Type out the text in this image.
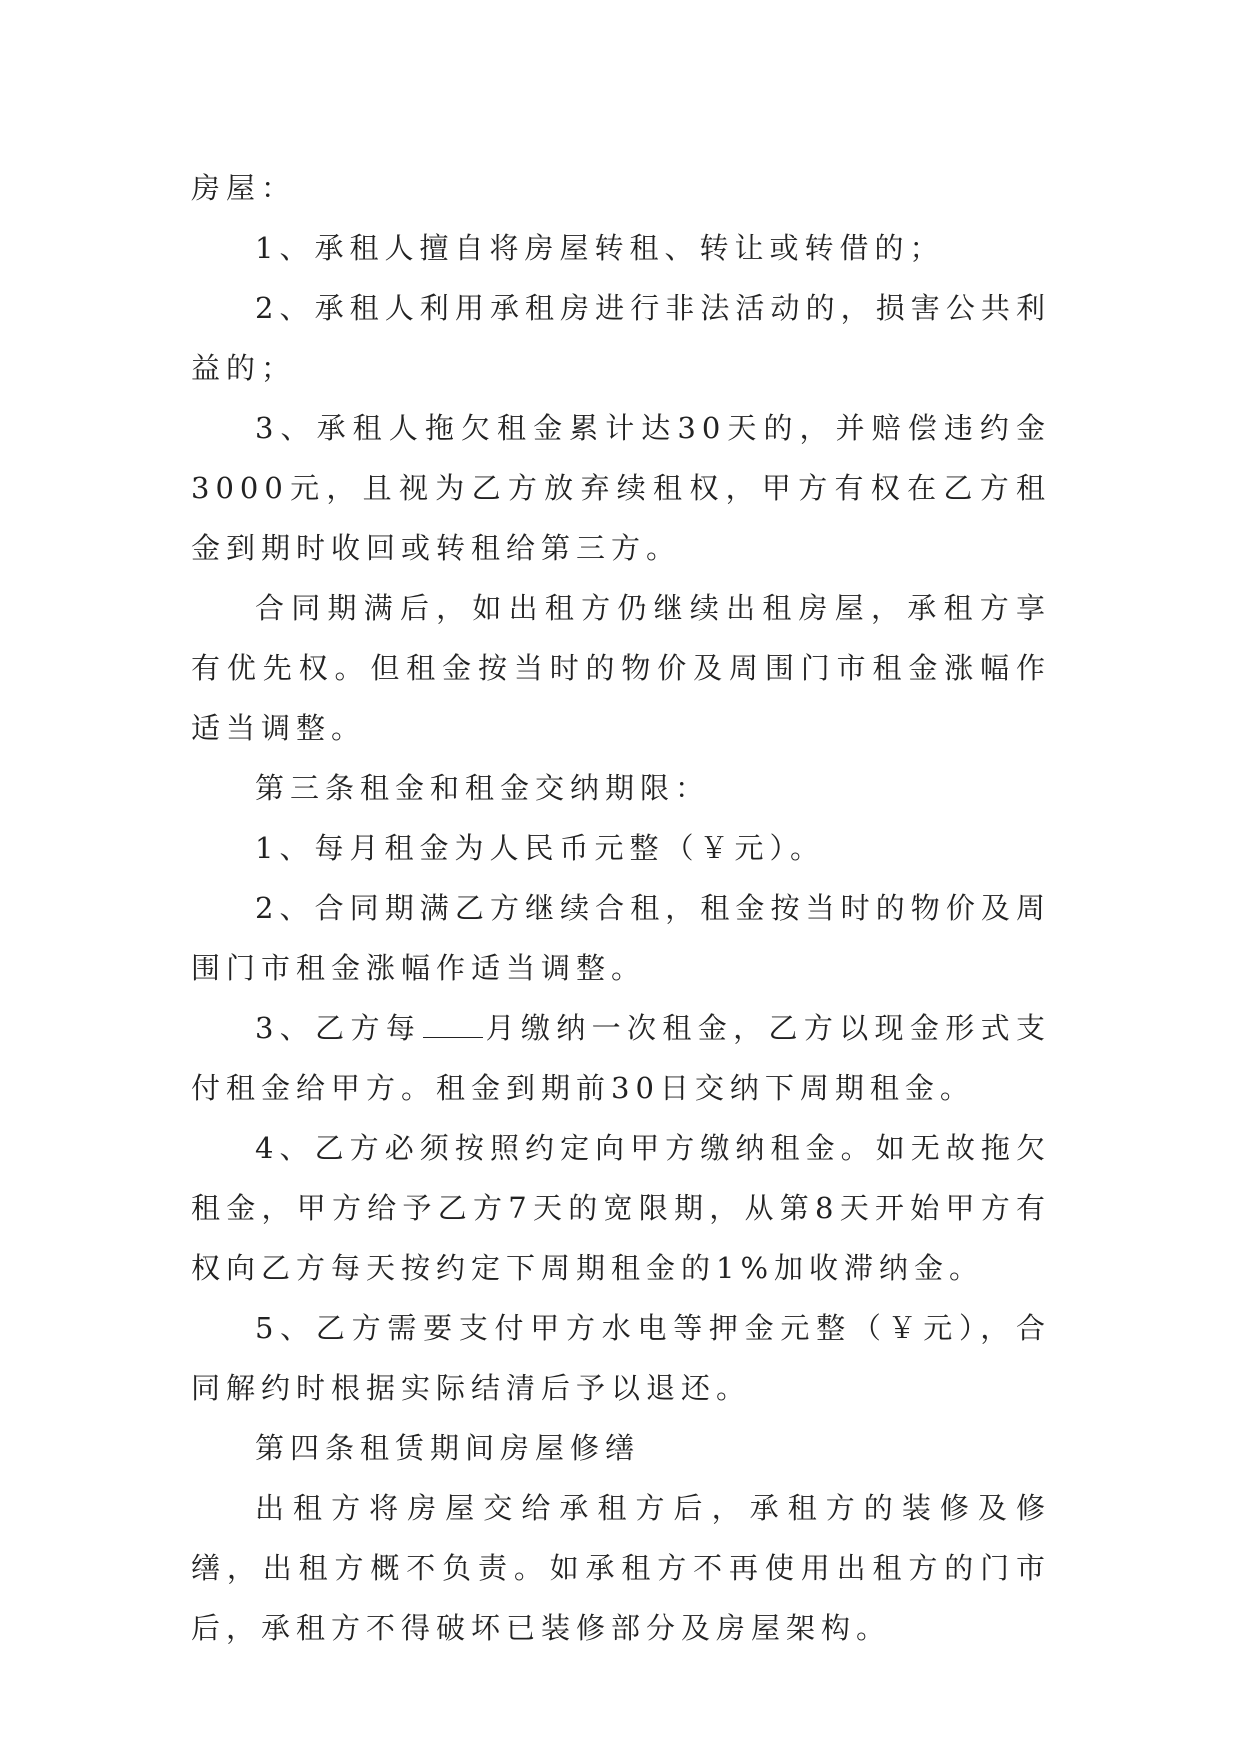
房屋：

1、承租人擅自将房屋转租、转让或转借的；

2、承租人利用承租房进行非法活动的，损害公共利益的；

3、承租人拖欠租金累计达30天的，并赔偿违约金3000元，且视为乙方放弃续租权，甲方有权在乙方租金到期时收回或转租给第三方。

合同期满后，如出租方仍继续出租房屋，承租方享有优先权。但租金按当时的物价及周围门市租金涨幅作适当调整。

第三条租金和租金交纳期限：

1、每月租金为人民币元整（￥元）。

2、合同期满乙方继续合租，租金按当时的物价及周围门市租金涨幅作适当调整。

3、乙方每 月缴纳一次租金，乙方以现金形式支付租金给甲方。租金到期前30日交纳下周期租金。

4、乙方必须按照约定向甲方缴纳租金。如无故拖欠租金，甲方给予乙方7天的宽限期，从第8天开始甲方有权向乙方每天按约定下周期租金的1%加收滞纳金。

5、乙方需要支付甲方水电等押金元整（￥元），合同解约时根据实际结清后予以退还。

第四条租赁期间房屋修缮

出租方将房屋交给承租方后，承租方的装修及修缮，出租方概不负责。如承租方不再使用出租方的门市后，承租方不得破坏已装修部分及房屋架构。
